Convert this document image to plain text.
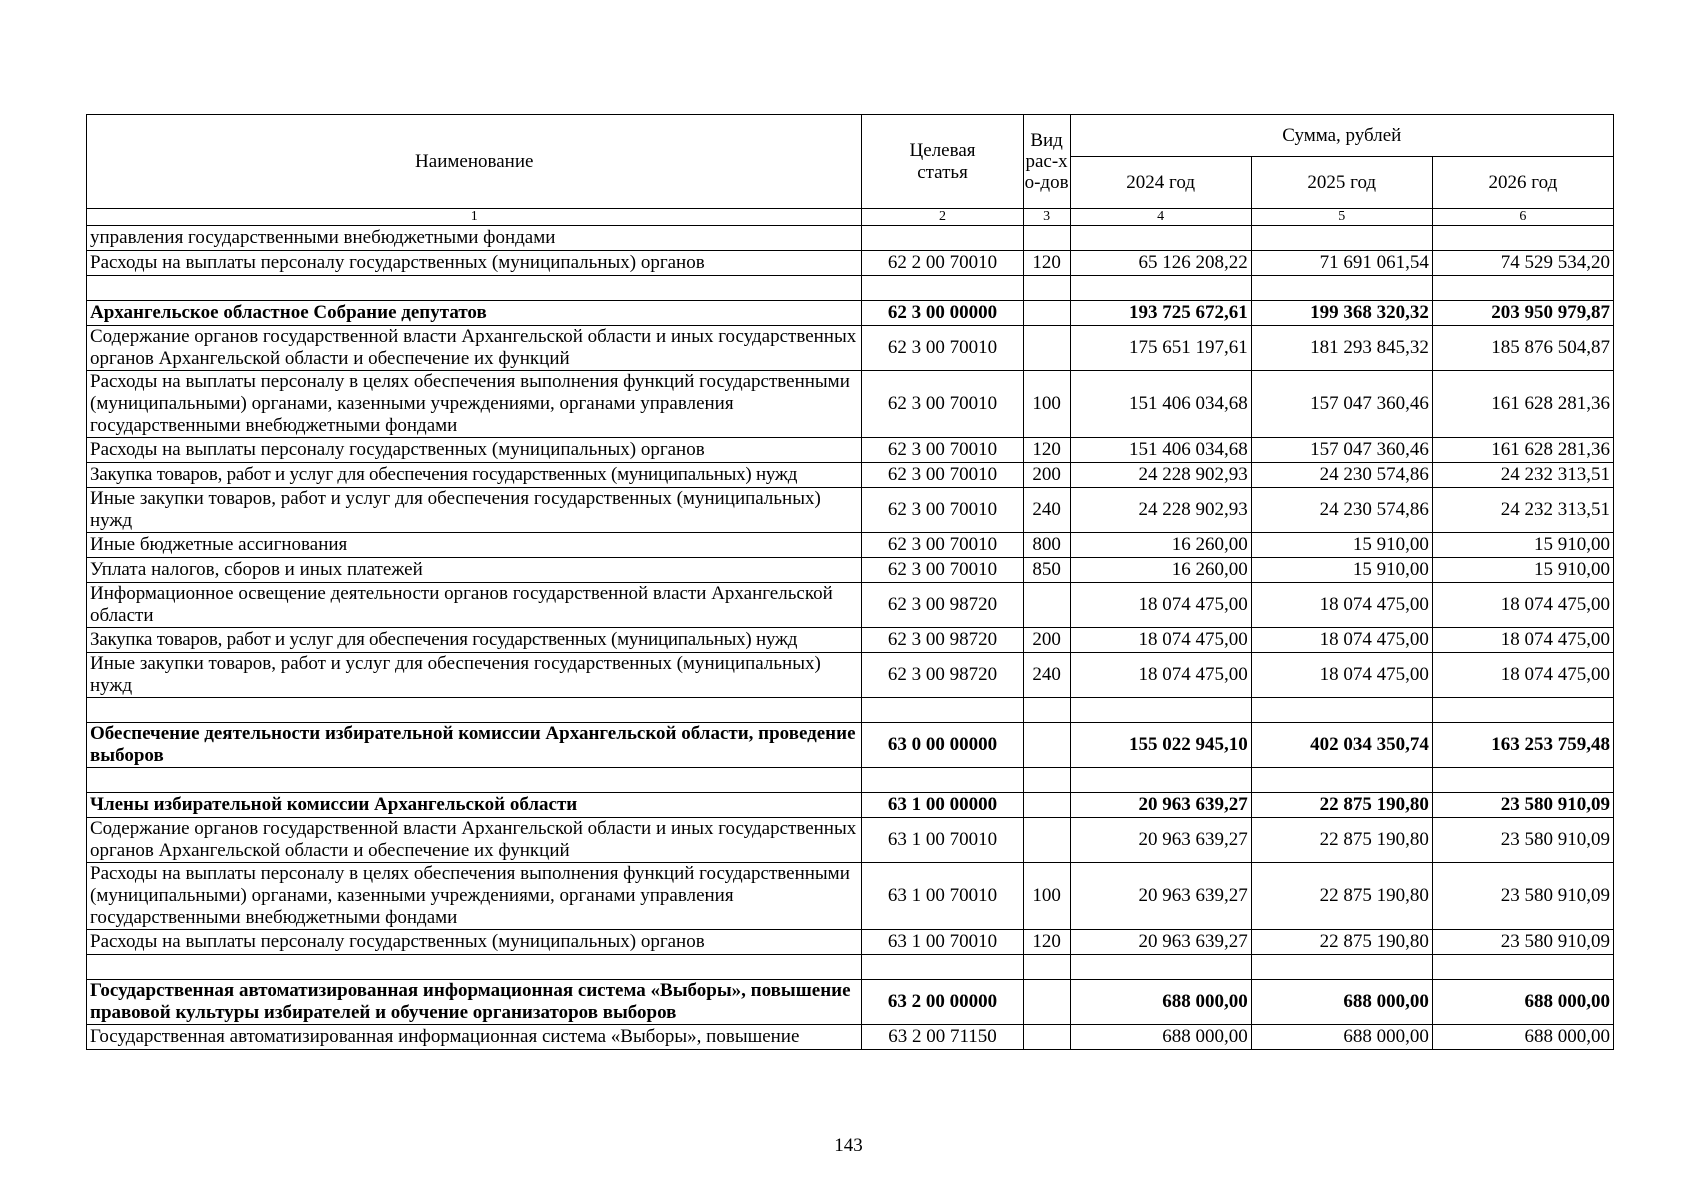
Наименование	Целевая статья	Вид рас-хо-дов	Сумма, рублей		
			2024 год	2025 год	2026 год
1	2	3	4	5	6
управления государственными внебюджетными фондами					
Расходы на выплаты персоналу государственных (муниципальных) органов	62 2 00 70010	120	65 126 208,22	71 691 061,54	74 529 534,20

Архангельское областное Собрание депутатов	62 3 00 00000		193 725 672,61	199 368 320,32	203 950 979,87
Содержание органов государственной власти Архангельской области и иных государственных органов Архангельской области и обеспечение их функций	62 3 00 70010		175 651 197,61	181 293 845,32	185 876 504,87
Расходы на выплаты персоналу в целях обеспечения выполнения функций государственными (муниципальными) органами, казенными учреждениями, органами управления государственными внебюджетными фондами	62 3 00 70010	100	151 406 034,68	157 047 360,46	161 628 281,36
Расходы на выплаты персоналу государственных (муниципальных) органов	62 3 00 70010	120	151 406 034,68	157 047 360,46	161 628 281,36
Закупка товаров, работ и услуг для обеспечения государственных (муниципальных) нужд	62 3 00 70010	200	24 228 902,93	24 230 574,86	24 232 313,51
Иные закупки товаров, работ и услуг для обеспечения государственных (муниципальных) нужд	62 3 00 70010	240	24 228 902,93	24 230 574,86	24 232 313,51
Иные бюджетные ассигнования	62 3 00 70010	800	16 260,00	15 910,00	15 910,00
Уплата налогов, сборов и иных платежей	62 3 00 70010	850	16 260,00	15 910,00	15 910,00
Информационное освещение деятельности органов государственной власти Архангельской области	62 3 00 98720		18 074 475,00	18 074 475,00	18 074 475,00
Закупка товаров, работ и услуг для обеспечения государственных (муниципальных) нужд	62 3 00 98720	200	18 074 475,00	18 074 475,00	18 074 475,00
Иные закупки товаров, работ и услуг для обеспечения государственных (муниципальных) нужд	62 3 00 98720	240	18 074 475,00	18 074 475,00	18 074 475,00

Обеспечение деятельности избирательной комиссии Архангельской области, проведение выборов	63 0 00 00000		155 022 945,10	402 034 350,74	163 253 759,48

Члены избирательной комиссии Архангельской области	63 1 00 00000		20 963 639,27	22 875 190,80	23 580 910,09
Содержание органов государственной власти Архангельской области и иных государственных органов Архангельской области и обеспечение их функций	63 1 00 70010		20 963 639,27	22 875 190,80	23 580 910,09
Расходы на выплаты персоналу в целях обеспечения выполнения функций государственными (муниципальными) органами, казенными учреждениями, органами управления государственными внебюджетными фондами	63 1 00 70010	100	20 963 639,27	22 875 190,80	23 580 910,09
Расходы на выплаты персоналу государственных (муниципальных) органов	63 1 00 70010	120	20 963 639,27	22 875 190,80	23 580 910,09

Государственная автоматизированная информационная система «Выборы», повышение правовой культуры избирателей и обучение организаторов выборов	63 2 00 00000		688 000,00	688 000,00	688 000,00
Государственная автоматизированная информационная система «Выборы», повышение	63 2 00 71150		688 000,00	688 000,00	688 000,00
143
